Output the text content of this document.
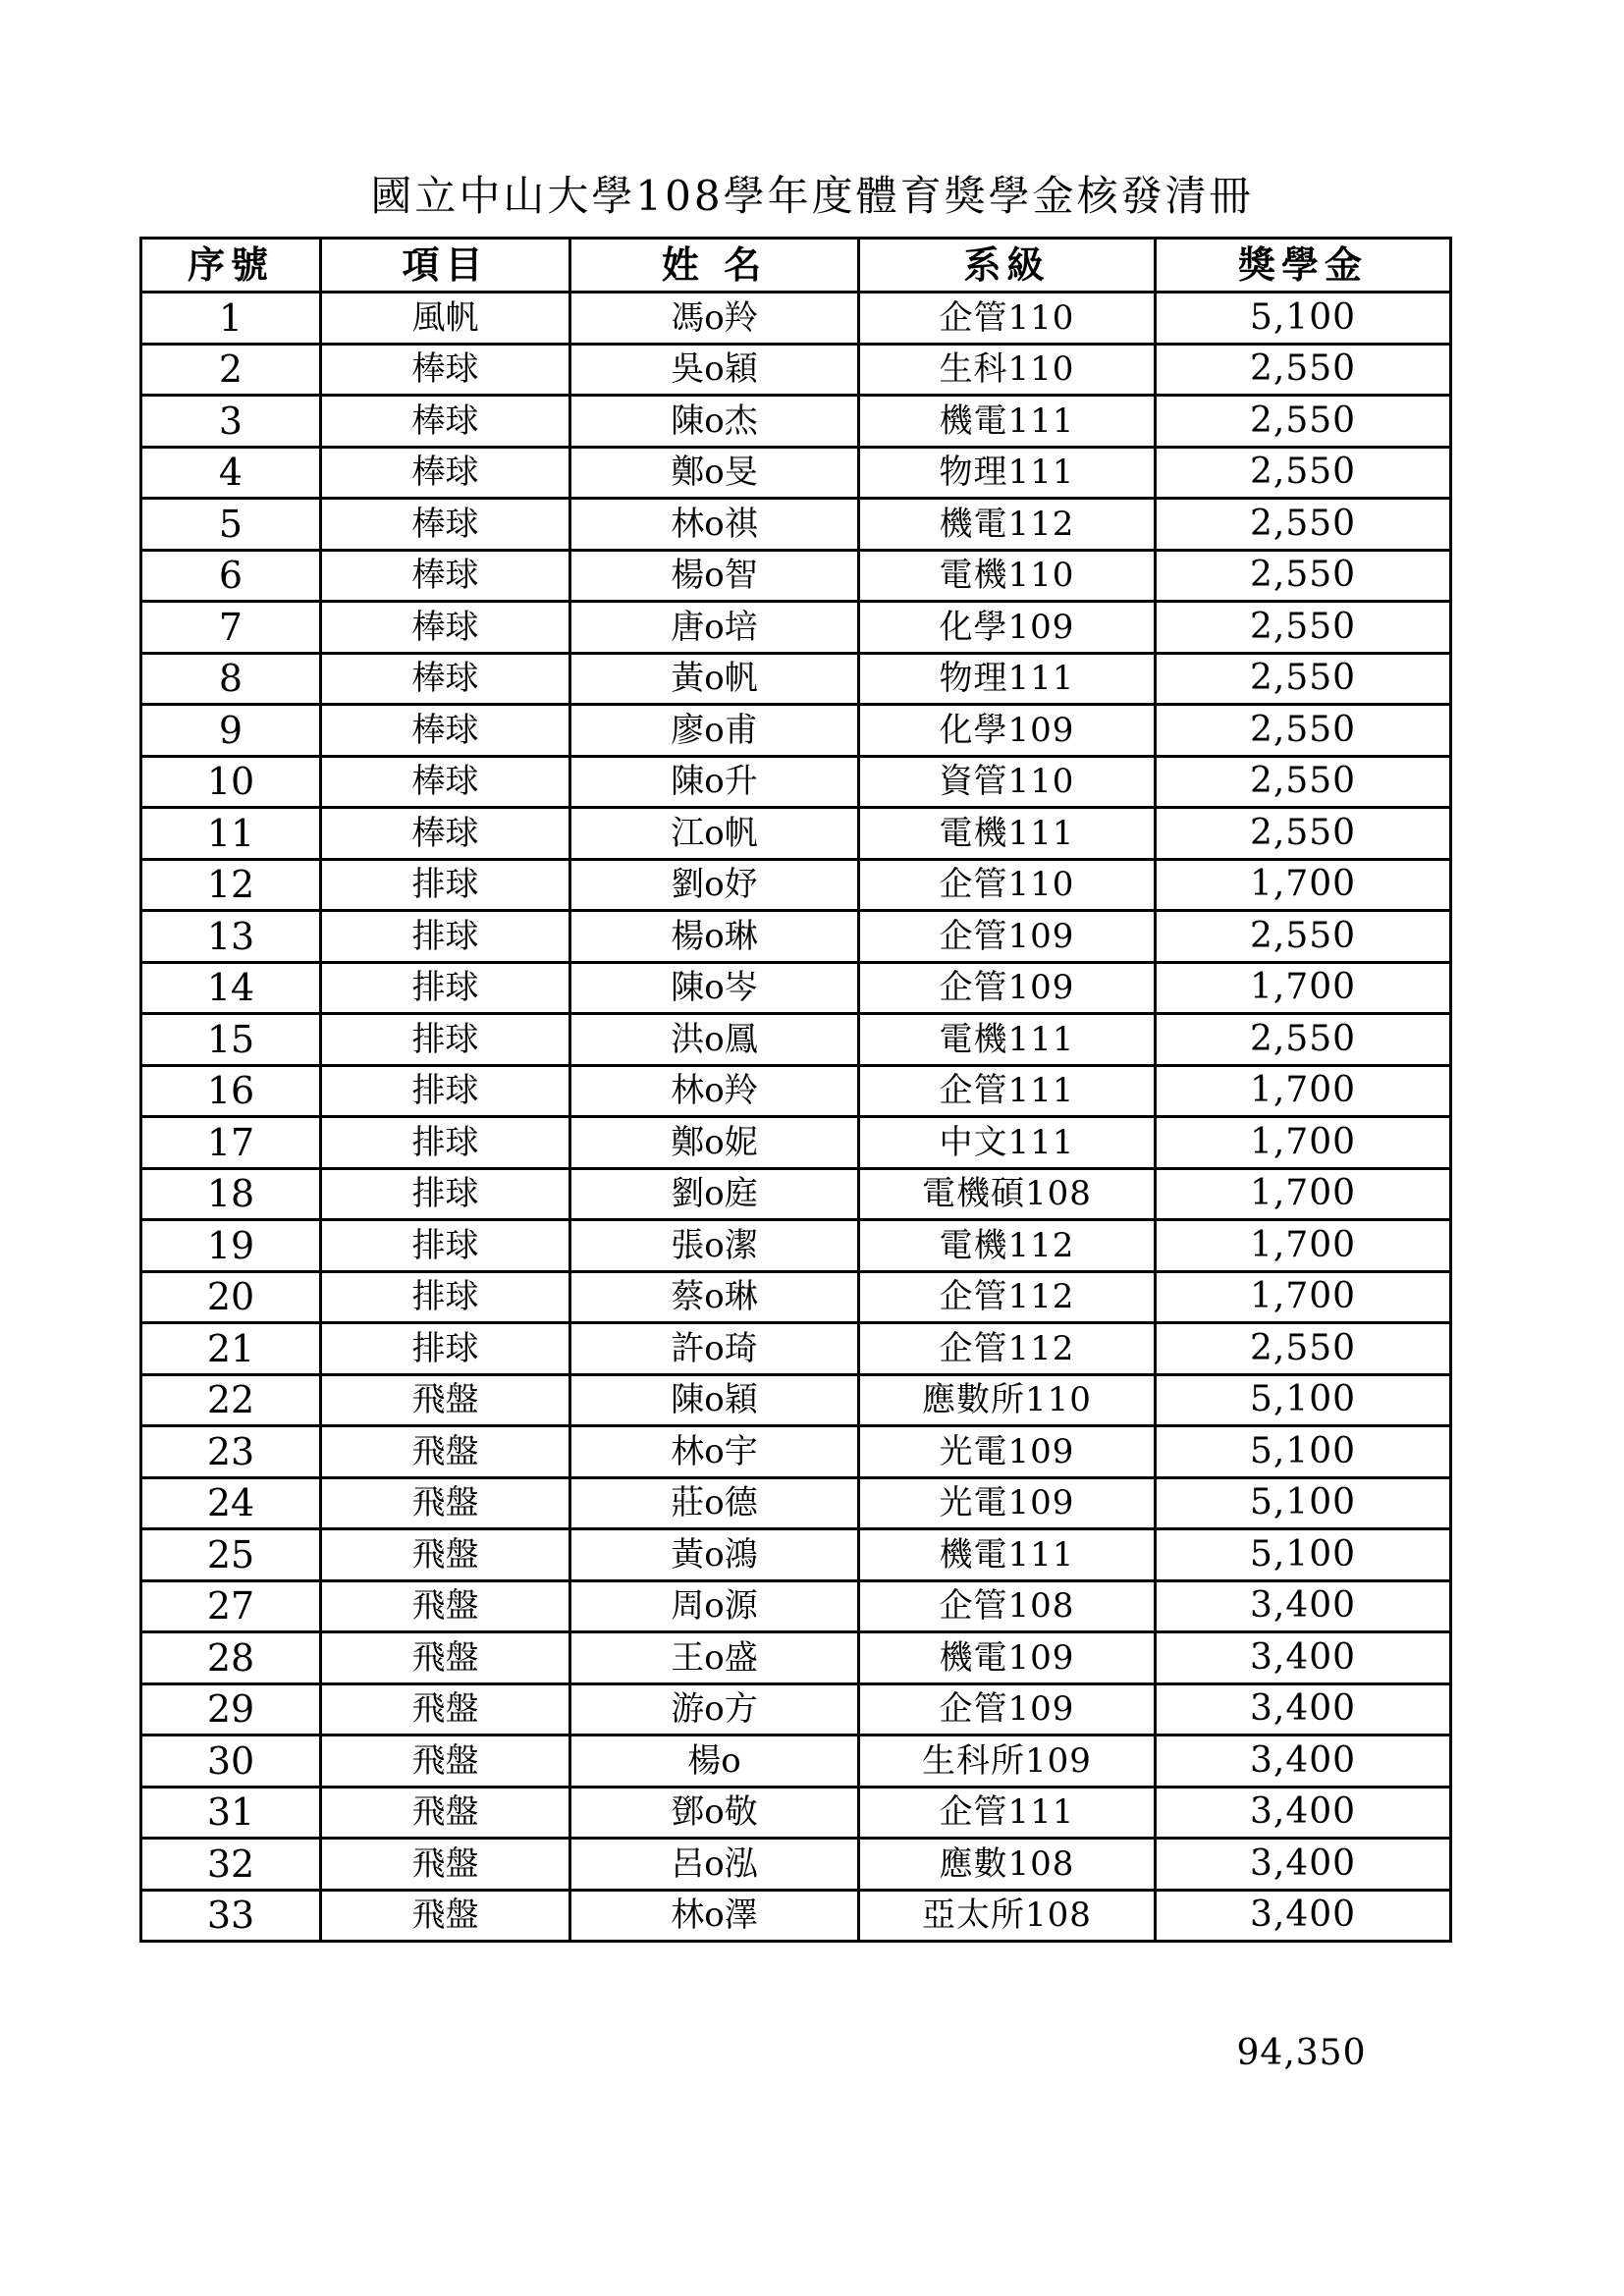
國立中山大學108學年度體育獎學金核發清冊
序號	項目	姓 名	系級	獎學金
1	風帆	馮o羚	企管110	5,100
2	棒球	吳o穎	生科110	2,550
3	棒球	陳o杰	機電111	2,550
4	棒球	鄭o旻	物理111	2,550
5	棒球	林o祺	機電112	2,550
6	棒球	楊o智	電機110	2,550
7	棒球	唐o培	化學109	2,550
8	棒球	黃o帆	物理111	2,550
9	棒球	廖o甫	化學109	2,550
10	棒球	陳o升	資管110	2,550
11	棒球	江o帆	電機111	2,550
12	排球	劉o妤	企管110	1,700
13	排球	楊o琳	企管109	2,550
14	排球	陳o岑	企管109	1,700
15	排球	洪o鳳	電機111	2,550
16	排球	林o羚	企管111	1,700
17	排球	鄭o妮	中文111	1,700
18	排球	劉o庭	電機碩108	1,700
19	排球	張o潔	電機112	1,700
20	排球	蔡o琳	企管112	1,700
21	排球	許o琦	企管112	2,550
22	飛盤	陳o穎	應數所110	5,100
23	飛盤	林o宇	光電109	5,100
24	飛盤	莊o德	光電109	5,100
25	飛盤	黃o鴻	機電111	5,100
27	飛盤	周o源	企管108	3,400
28	飛盤	王o盛	機電109	3,400
29	飛盤	游o方	企管109	3,400
30	飛盤	楊o	生科所109	3,400
31	飛盤	鄧o敬	企管111	3,400
32	飛盤	呂o泓	應數108	3,400
33	飛盤	林o澤	亞太所108	3,400
94,350
